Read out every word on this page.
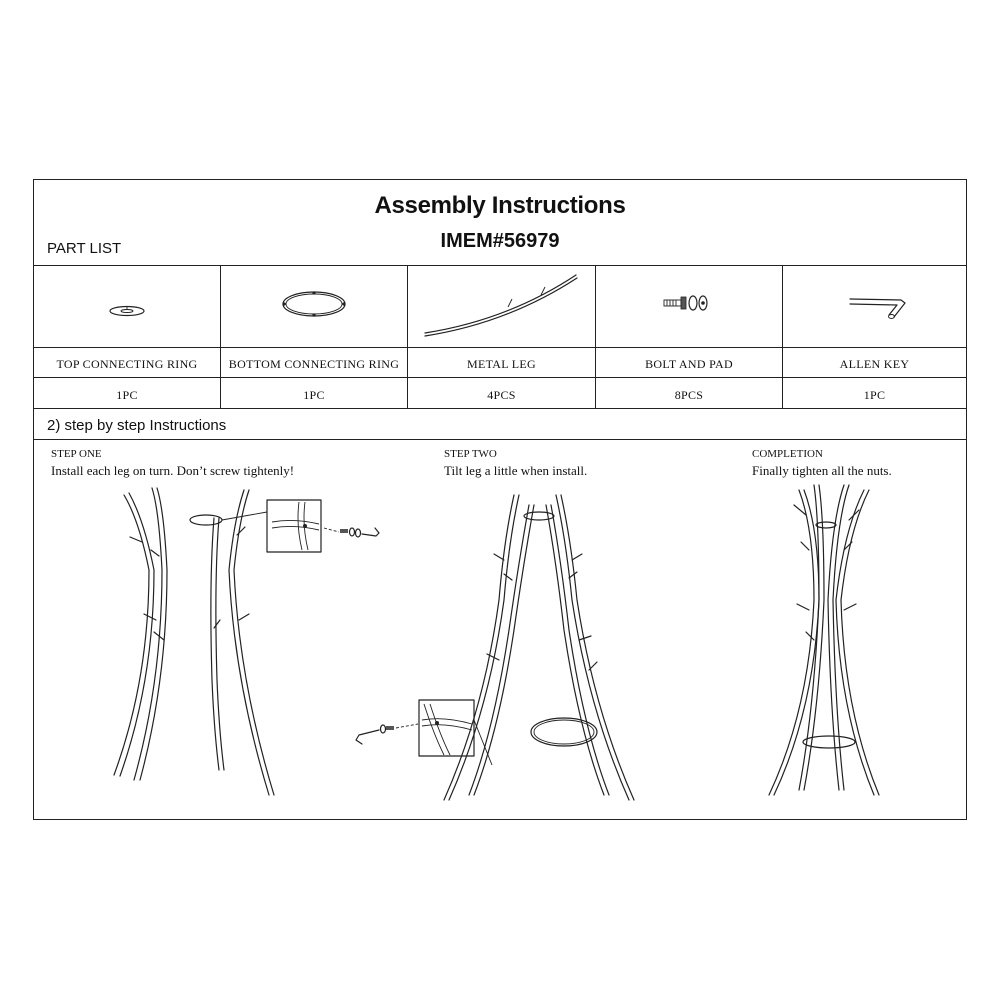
Assembly Instructions
IMEM#56979
PART LIST
TOP CONNECTING RING
1PC
BOTTOM CONNECTING RING
1PC
METAL LEG
4PCS
BOLT AND PAD
8PCS
ALLEN KEY
1PC
2) step by step Instructions
STEP ONE
Install each leg on turn. Don’t screw tightenly!
STEP TWO
Tilt leg a little when install.
COMPLETION
Finally tighten all the nuts.
